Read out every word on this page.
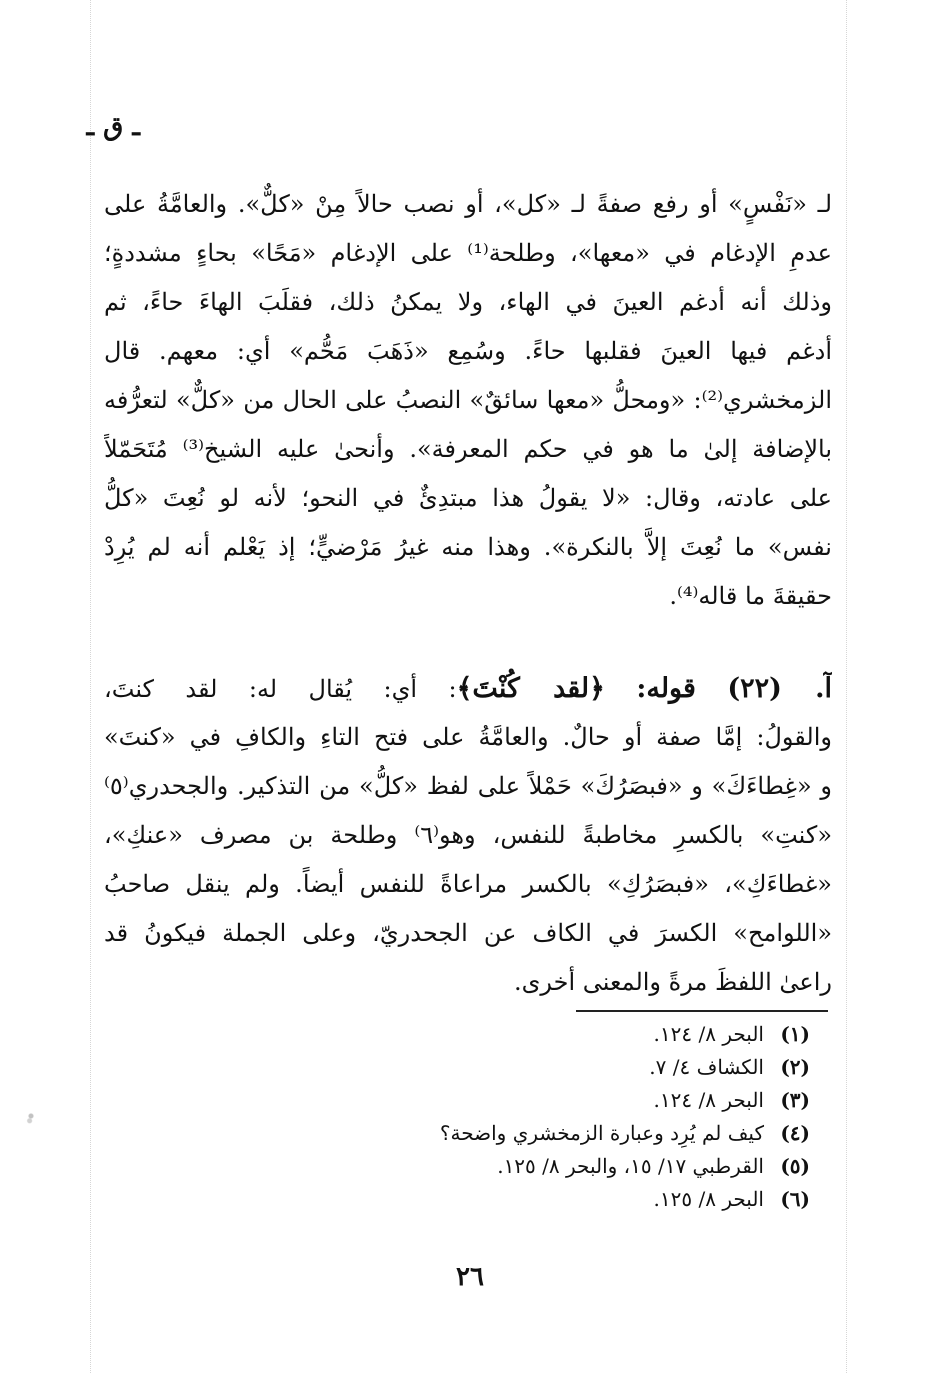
ـ ق ـ
لـ «نَفْسٍ» أو رفع صفةً لـ «كل»، أو نصب حالاً مِنْ «كلٌّ». والعامَّةُ على
عدمِ الإدغام في «معها»، وطلحة⁽¹⁾ على الإدغام «مَحًا» بحاءٍ مشددةٍ؛
وذلك أنه أدغم العينَ في الهاء، ولا يمكنُ ذلك، فقلَبَ الهاءَ حاءً، ثم
أدغم فيها العينَ فقلبها حاءً. وسُمِع «ذَهَبَ مَحُّم» أي: معهم. قال
الزمخشري⁽²⁾: «ومحلُّ «معها سائقٌ» النصبُ على الحال من «كلٌّ» لتعرُّفه
بالإضافة إلىٰ ما هو في حكم المعرفة». وأنحىٰ عليه الشيخ⁽³⁾ مُتَحَمّلاً
على عادته، وقال: «لا يقولُ هذا مبتدِئٌ في النحو؛ لأنه لو نُعِتَ «كلُّ
نفس» ما نُعِتَ إلاَّ بالنكرة». وهذا منه غيرُ مَرْضيٍّ؛ إذ يَعْلم أنه لم يُرِدْ
حقيقةَ ما قاله⁽⁴⁾.
آ. (٢٢) قوله: ﴿لقد كُنْتَ﴾: أي: يُقال له: لقد كنتَ،
والقولُ: إمَّا صفة أو حالٌ. والعامَّةُ على فتح التاءِ والكافِ في «كنتَ»
و «غِطاءَكَ» و «فبصَرُكَ» حَمْلاً على لفظ «كلُّ» من التذكير. والجحدري⁽٥⁾
«كنتِ» بالكسرِ مخاطبةً للنفس، وهو⁽٦⁾ وطلحة بن مصرف «عنكِ»،
«غطاءَكِ»، «فبصَرُكِ» بالكسر مراعاةً للنفس أيضاً. ولم ينقل صاحبُ
«اللوامح» الكسرَ في الكاف عن الجحدريّ، وعلى الجملة فيكونُ قد
راعىٰ اللفظَ مرةً والمعنى أخرى.
(١)البحر ٨/ ١٢٤.
(٢)الكشاف ٤/ ٧.
(٣)البحر ٨/ ١٢٤.
(٤)كيف لم يُرِد وعبارة الزمخشري واضحة؟
(٥)القرطبي ١٧/ ١٥، والبحر ٨/ ١٢٥.
(٦)البحر ٨/ ١٢٥.
٢٦
